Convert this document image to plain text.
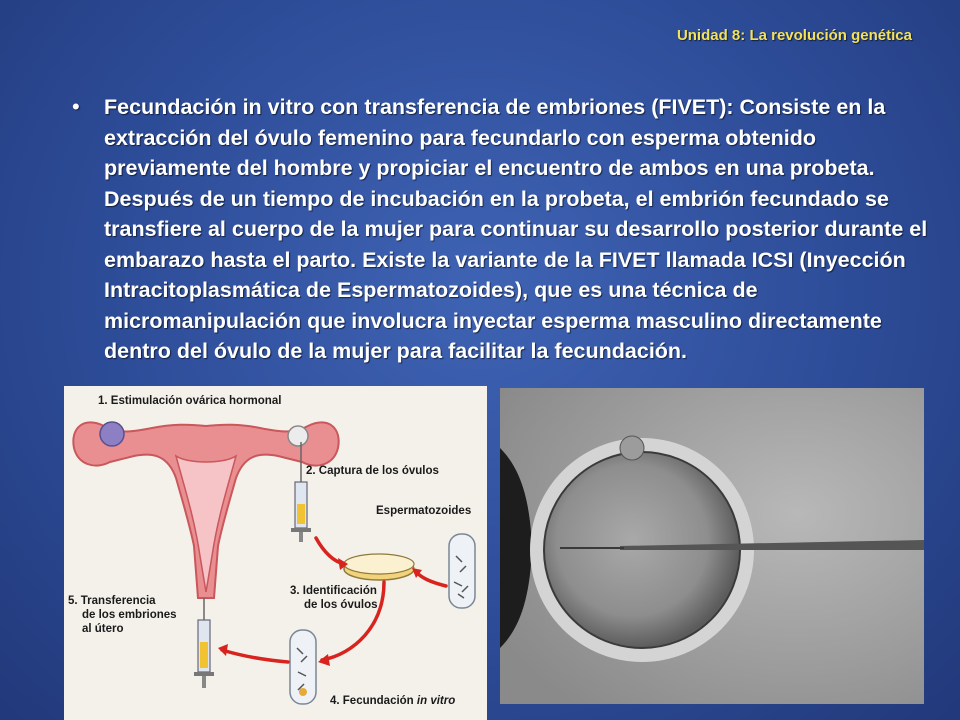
Unidad 8: La revolución genética
•	Fecundación in vitro con transferencia de embriones (FIVET): Consiste en la extracción del óvulo femenino para fecundarlo con esperma obtenido previamente del hombre y propiciar el encuentro de ambos en una probeta. Después de un tiempo de incubación en la probeta, el embrión fecundado se transfiere al cuerpo de la mujer para continuar su desarrollo posterior durante el embarazo hasta el parto. Existe la variante de la FIVET llamada ICSI (Inyección Intracitoplasmática de Espermatozoides), que es una técnica de micromanipulación que involucra inyectar esperma masculino directamente dentro del óvulo de la mujer para facilitar la fecundación.

1. Estimulación ovárica hormonal
2. Captura de los óvulos
Espermatozoides
3. Identificación
de los óvulos
5. Transferencia
de los embriones
al útero
4. Fecundación in vitro
